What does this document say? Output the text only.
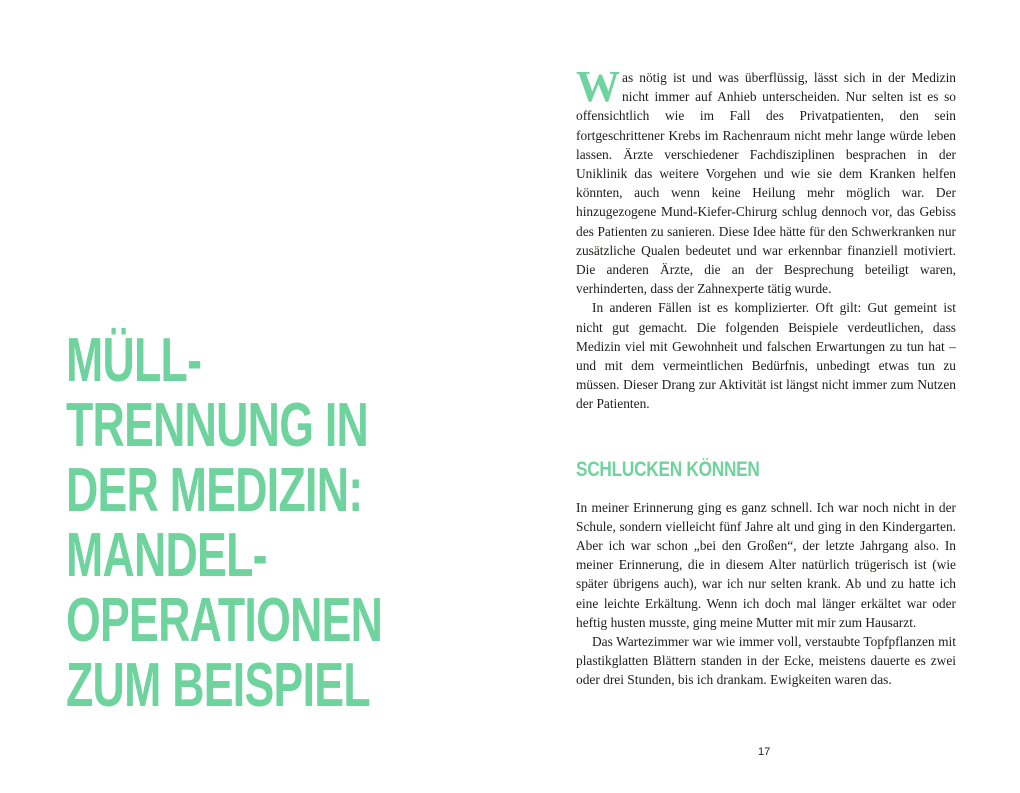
MÜLL-
TRENNUNG IN
DER MEDIZIN:
MANDEL-
OPERATIONEN
ZUM BEISPIEL

Was nötig ist und was überflüssig, lässt sich in der Medizin nicht immer auf Anhieb unterscheiden. Nur selten ist es so offensichtlich wie im Fall des Privatpatienten, den sein fortgeschrittener Krebs im Rachenraum nicht mehr lange würde leben lassen. Ärzte verschiedener Fachdisziplinen besprachen in der Uniklinik das weitere Vorgehen und wie sie dem Kranken helfen könnten, auch wenn keine Heilung mehr möglich war. Der hinzugezogene Mund-Kiefer-Chirurg schlug dennoch vor, das Gebiss des Patienten zu sanieren. Diese Idee hätte für den Schwerkranken nur zusätzliche Qualen bedeutet und war erkennbar finanziell motiviert. Die anderen Ärzte, die an der Besprechung beteiligt waren, verhinderten, dass der Zahnexperte tätig wurde.

In anderen Fällen ist es komplizierter. Oft gilt: Gut gemeint ist nicht gut gemacht. Die folgenden Beispiele verdeutlichen, dass Medizin viel mit Gewohnheit und falschen Erwartungen zu tun hat – und mit dem vermeintlichen Bedürfnis, unbedingt etwas tun zu müssen. Dieser Drang zur Aktivität ist längst nicht immer zum Nutzen der Patienten.

SCHLUCKEN KÖNNEN

In meiner Erinnerung ging es ganz schnell. Ich war noch nicht in der Schule, sondern vielleicht fünf Jahre alt und ging in den Kindergarten. Aber ich war schon „bei den Großen“, der letzte Jahrgang also. In meiner Erinnerung, die in diesem Alter natürlich trügerisch ist (wie später übrigens auch), war ich nur selten krank. Ab und zu hatte ich eine leichte Erkältung. Wenn ich doch mal länger erkältet war oder heftig husten musste, ging meine Mutter mit mir zum Hausarzt.

Das Wartezimmer war wie immer voll, verstaubte Topfpflanzen mit plastikglatten Blättern standen in der Ecke, meistens dauerte es zwei oder drei Stunden, bis ich drankam. Ewigkeiten waren das.

17
